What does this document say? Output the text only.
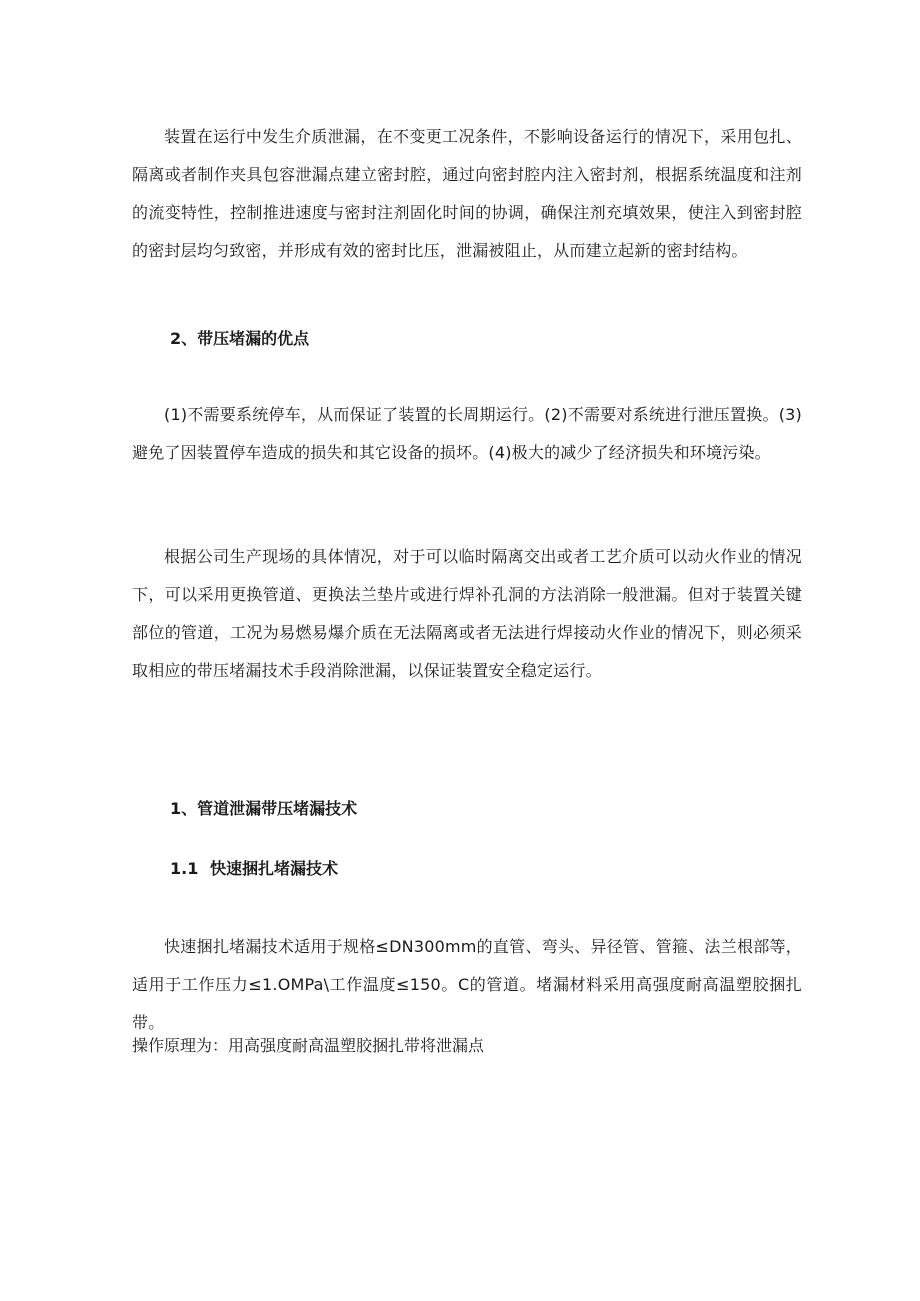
装置在运行中发生介质泄漏，在不变更工况条件，不影响设备运行的情况下，采用包扎、隔离或者制作夹具包容泄漏点建立密封腔，通过向密封腔内注入密封剂，根据系统温度和注剂的流变特性，控制推进速度与密封注剂固化时间的协调，确保注剂充填效果，使注入到密封腔的密封层均匀致密，并形成有效的密封比压，泄漏被阻止，从而建立起新的密封结构。

2、带压堵漏的优点

(1)不需要系统停车，从而保证了装置的长周期运行。(2)不需要对系统进行泄压置换。(3)避免了因装置停车造成的损失和其它设备的损坏。(4)极大的减少了经济损失和环境污染。

根据公司生产现场的具体情况，对于可以临时隔离交出或者工艺介质可以动火作业的情况下，可以采用更换管道、更换法兰垫片或进行焊补孔洞的方法消除一般泄漏。但对于装置关键部位的管道，工况为易燃易爆介质在无法隔离或者无法进行焊接动火作业的情况下，则必须采取相应的带压堵漏技术手段消除泄漏，以保证装置安全稳定运行。

1、管道泄漏带压堵漏技术
1.1 快速捆扎堵漏技术

快速捆扎堵漏技术适用于规格≤DN300mm的直管、弯头、异径管、管箍、法兰根部等，适用于工作压力≤1.OMPa\工作温度≤150。C的管道。堵漏材料采用高强度耐高温塑胶捆扎带。

操作原理为：用高强度耐高温塑胶捆扎带将泄漏点
